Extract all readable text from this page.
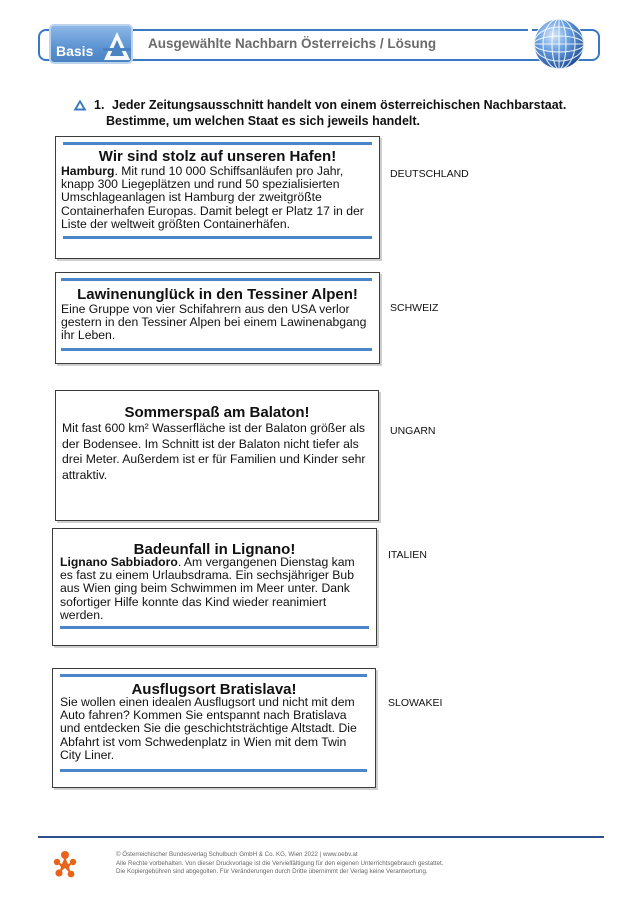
Basis	Ausgewählte Nachbarn Österreichs / Lösung
1. Jeder Zeitungsausschnitt handelt von einem österreichischen Nachbarstaat.
Bestimme, um welchen Staat es sich jeweils handelt.
Wir sind stolz auf unseren Hafen!
Hamburg. Mit rund 10 000 Schiffsanläufen pro Jahr, knapp 300 Liegeplätzen und rund 50 spezialisierten Umschlageanlagen ist Hamburg der zweitgrößte Containerhafen Europas. Damit belegt er Platz 17 in der Liste der weltweit größten Containerhäfen.
DEUTSCHLAND
Lawinenunglück in den Tessiner Alpen!
Eine Gruppe von vier Schifahrern aus den USA verlor gestern in den Tessiner Alpen bei einem Lawinenabgang ihr Leben.
SCHWEIZ
Sommerspaß am Balaton!
Mit fast 600 km² Wasserfläche ist der Balaton größer als der Bodensee. Im Schnitt ist der Balaton nicht tiefer als drei Meter. Außerdem ist er für Familien und Kinder sehr attraktiv.
UNGARN
Badeunfall in Lignano!
Lignano Sabbiadoro. Am vergangenen Dienstag kam es fast zu einem Urlaubsdrama. Ein sechsjähriger Bub aus Wien ging beim Schwimmen im Meer unter. Dank sofortiger Hilfe konnte das Kind wieder reanimiert werden.
ITALIEN
Ausflugsort Bratislava!
Sie wollen einen idealen Ausflugsort und nicht mit dem Auto fahren? Kommen Sie entspannt nach Bratislava und entdecken Sie die geschichtsträchtige Altstadt. Die Abfahrt ist vom Schwedenplatz in Wien mit dem Twin City Liner.
SLOWAKEI
© Österreichischer Bundesverlag Schulbuch GmbH & Co. KG, Wien 2022 | www.oebv.at
Alle Rechte vorbehalten. Von dieser Druckvorlage ist die Vervielfältigung für den eigenen Unterrichtsgebrauch gestattet.
Die Kopiergebühren sind abgegolten. Für Veränderungen durch Dritte übernimmt der Verlag keine Verantwortung.
